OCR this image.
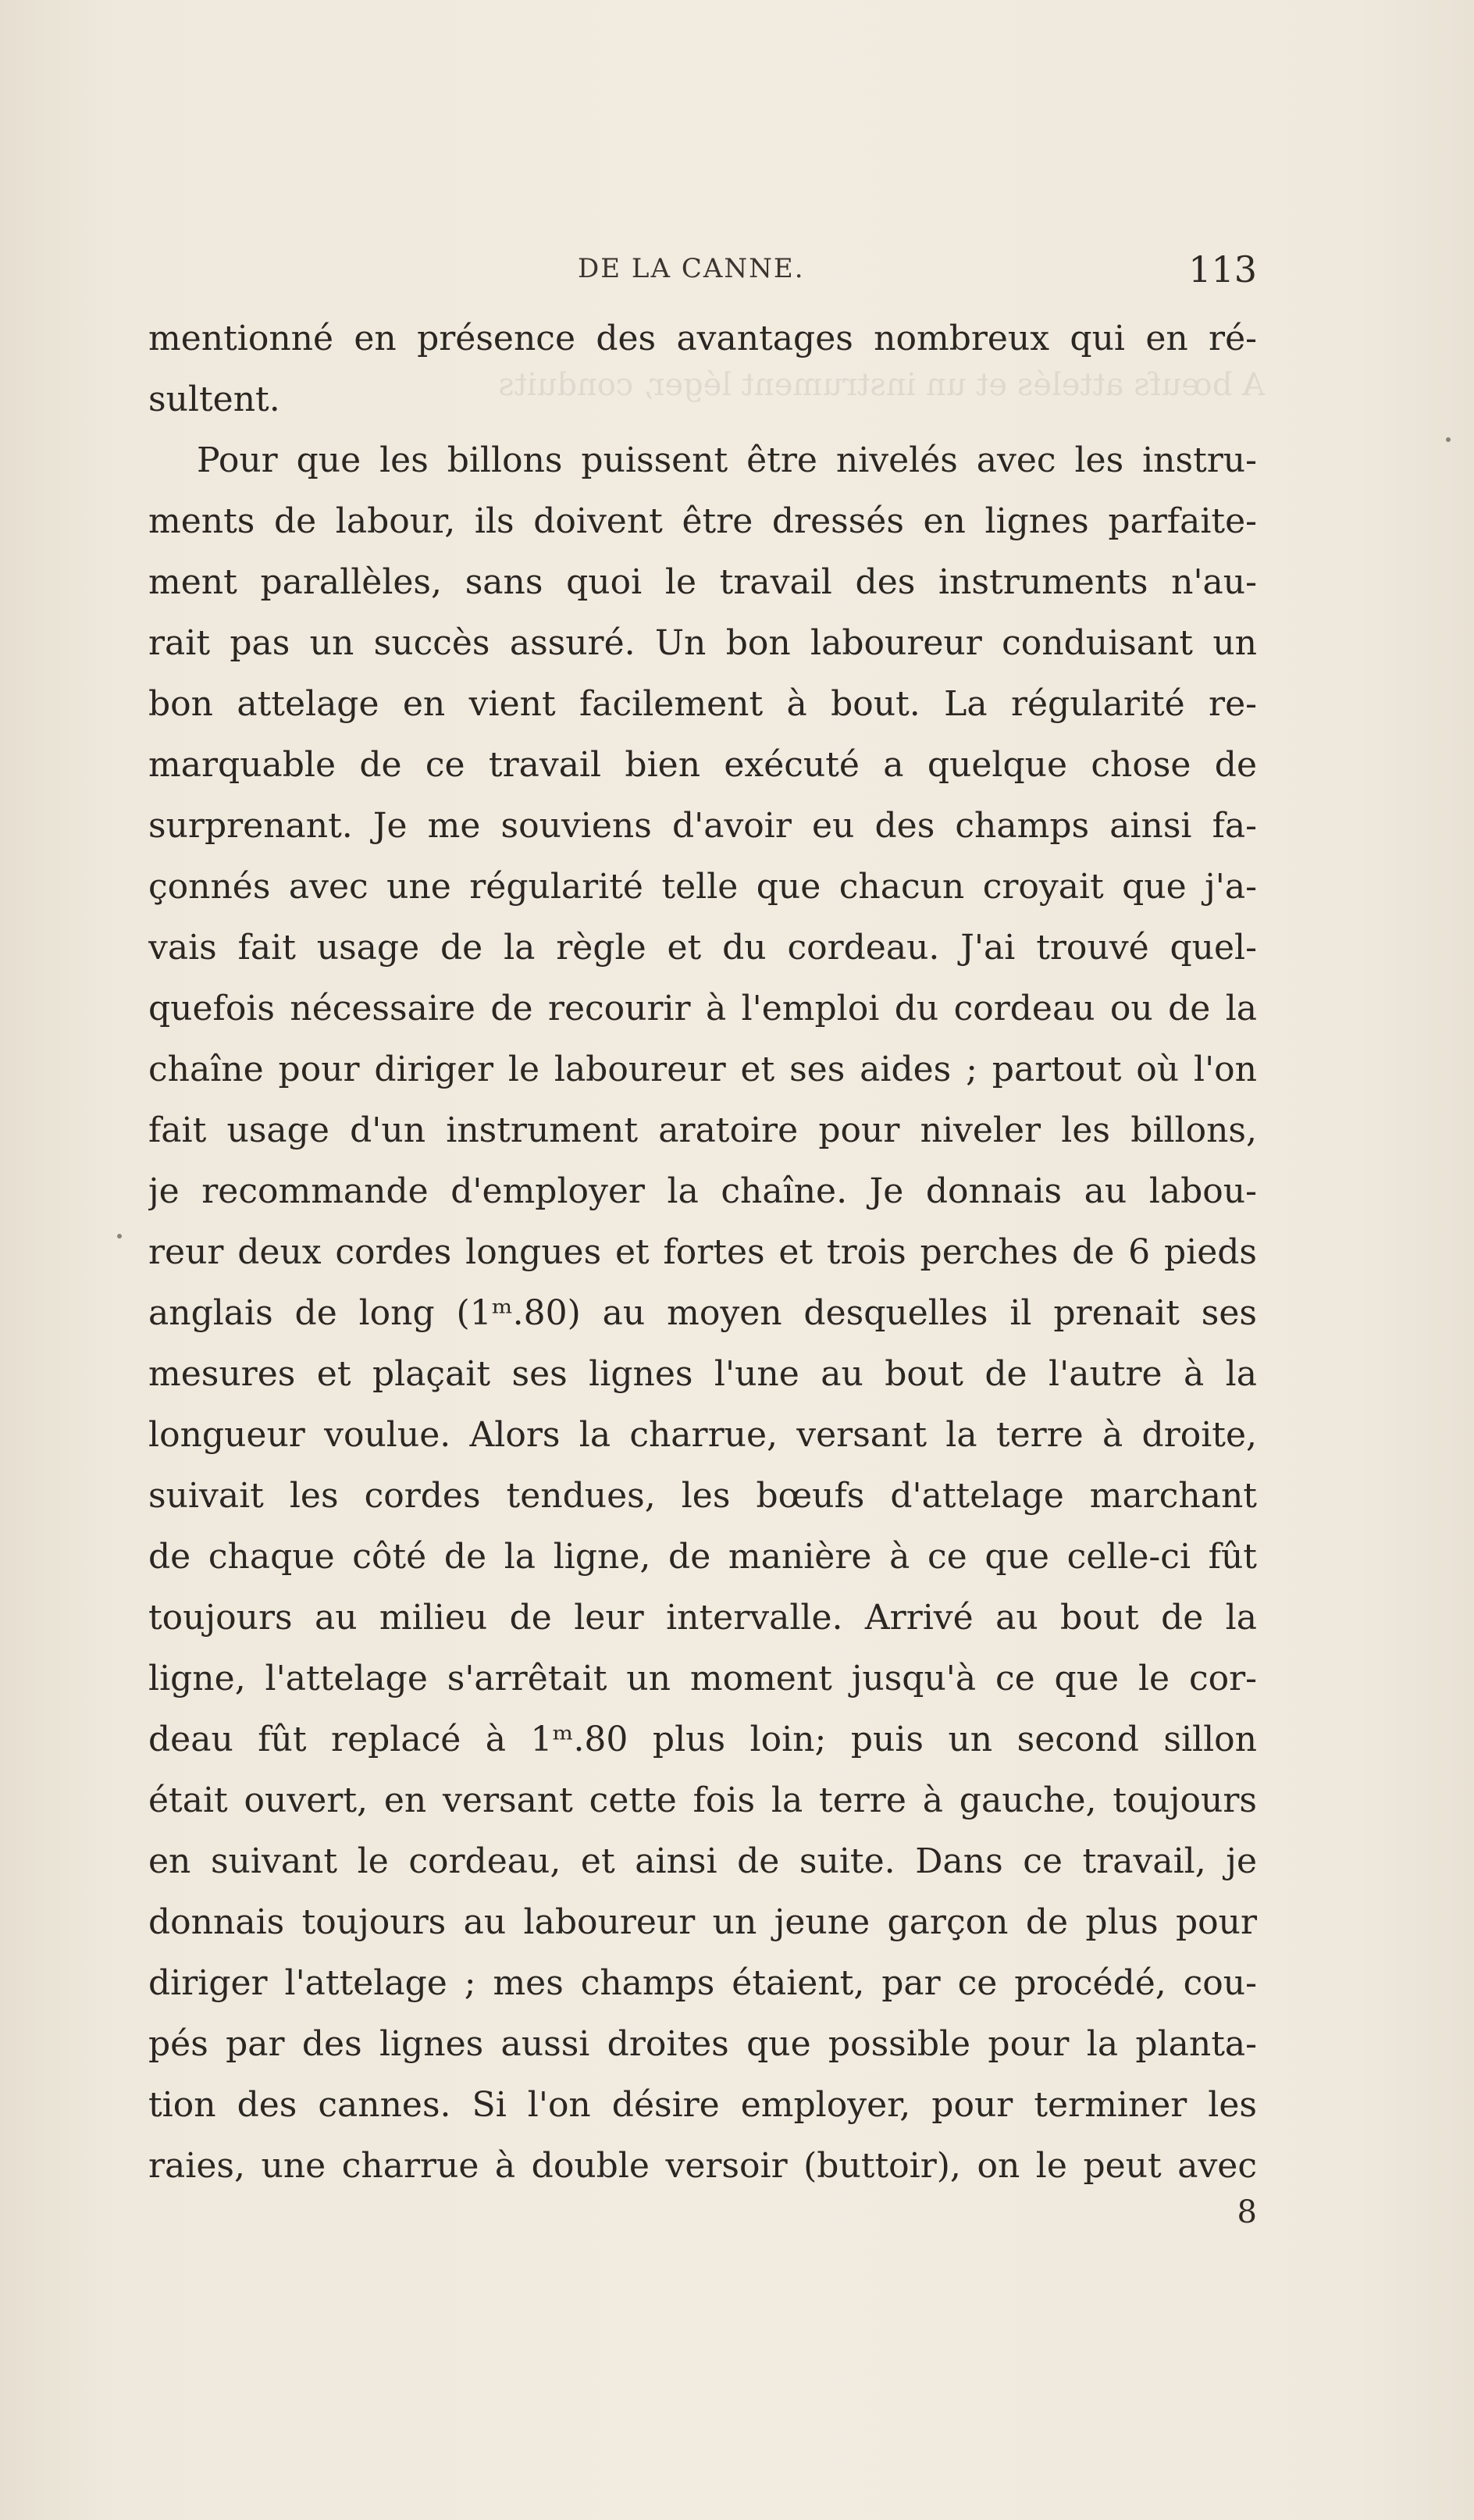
A bœufs attelés et un instrument léger, conduits
DE LA CANNE.	113
mentionné en présence des avantages nombreux qui en ré-
sultent.
Pour que les billons puissent être nivelés avec les instru-
ments de labour, ils doivent être dressés en lignes parfaite-
ment parallèles, sans quoi le travail des instruments n'au-
rait pas un succès assuré. Un bon laboureur conduisant un
bon attelage en vient facilement à bout. La régularité re-
marquable de ce travail bien exécuté a quelque chose de
surprenant. Je me souviens d'avoir eu des champs ainsi fa-
çonnés avec une régularité telle que chacun croyait que j'a-
vais fait usage de la règle et du cordeau. J'ai trouvé quel-
quefois nécessaire de recourir à l'emploi du cordeau ou de la
chaîne pour diriger le laboureur et ses aides ; partout où l'on
fait usage d'un instrument aratoire pour niveler les billons,
je recommande d'employer la chaîne. Je donnais au labou-
reur deux cordes longues et fortes et trois perches de 6 pieds
anglais de long (1ᵐ.80) au moyen desquelles il prenait ses
mesures et plaçait ses lignes l'une au bout de l'autre à la
longueur voulue. Alors la charrue, versant la terre à droite,
suivait les cordes tendues, les bœufs d'attelage marchant
de chaque côté de la ligne, de manière à ce que celle-ci fût
toujours au milieu de leur intervalle. Arrivé au bout de la
ligne, l'attelage s'arrêtait un moment jusqu'à ce que le cor-
deau fût replacé à 1ᵐ.80 plus loin; puis un second sillon
était ouvert, en versant cette fois la terre à gauche, toujours
en suivant le cordeau, et ainsi de suite. Dans ce travail, je
donnais toujours au laboureur un jeune garçon de plus pour
diriger l'attelage ; mes champs étaient, par ce procédé, cou-
pés par des lignes aussi droites que possible pour la planta-
tion des cannes. Si l'on désire employer, pour terminer les
raies, une charrue à double versoir (buttoir), on le peut avec
8
